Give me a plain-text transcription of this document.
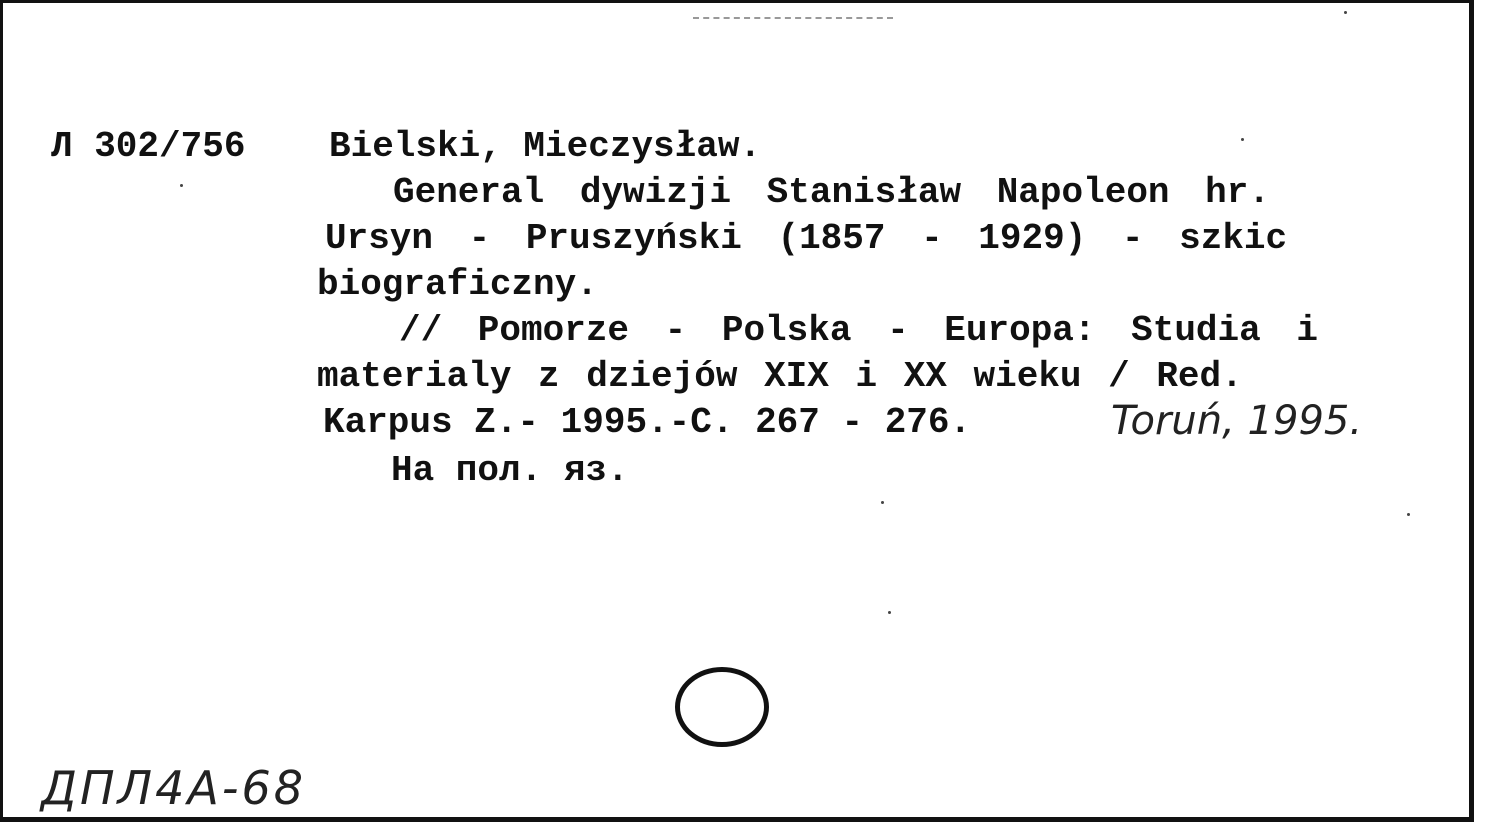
Л 302/756 Bielski, Mieczysław.
General dywizji Stanisław Napoleon hr.
Ursyn - Pruszyński (1857 - 1929) - szkic
biograficzny.
// Pomorze - Polska - Europa: Studia i
materialy z dziejów XIX i XX wieku / Red.
Karpus Z.- 1995.-С. 267 - 276.	Toruń, 1995.
На пол. яз.
ДПЛ4А-68
